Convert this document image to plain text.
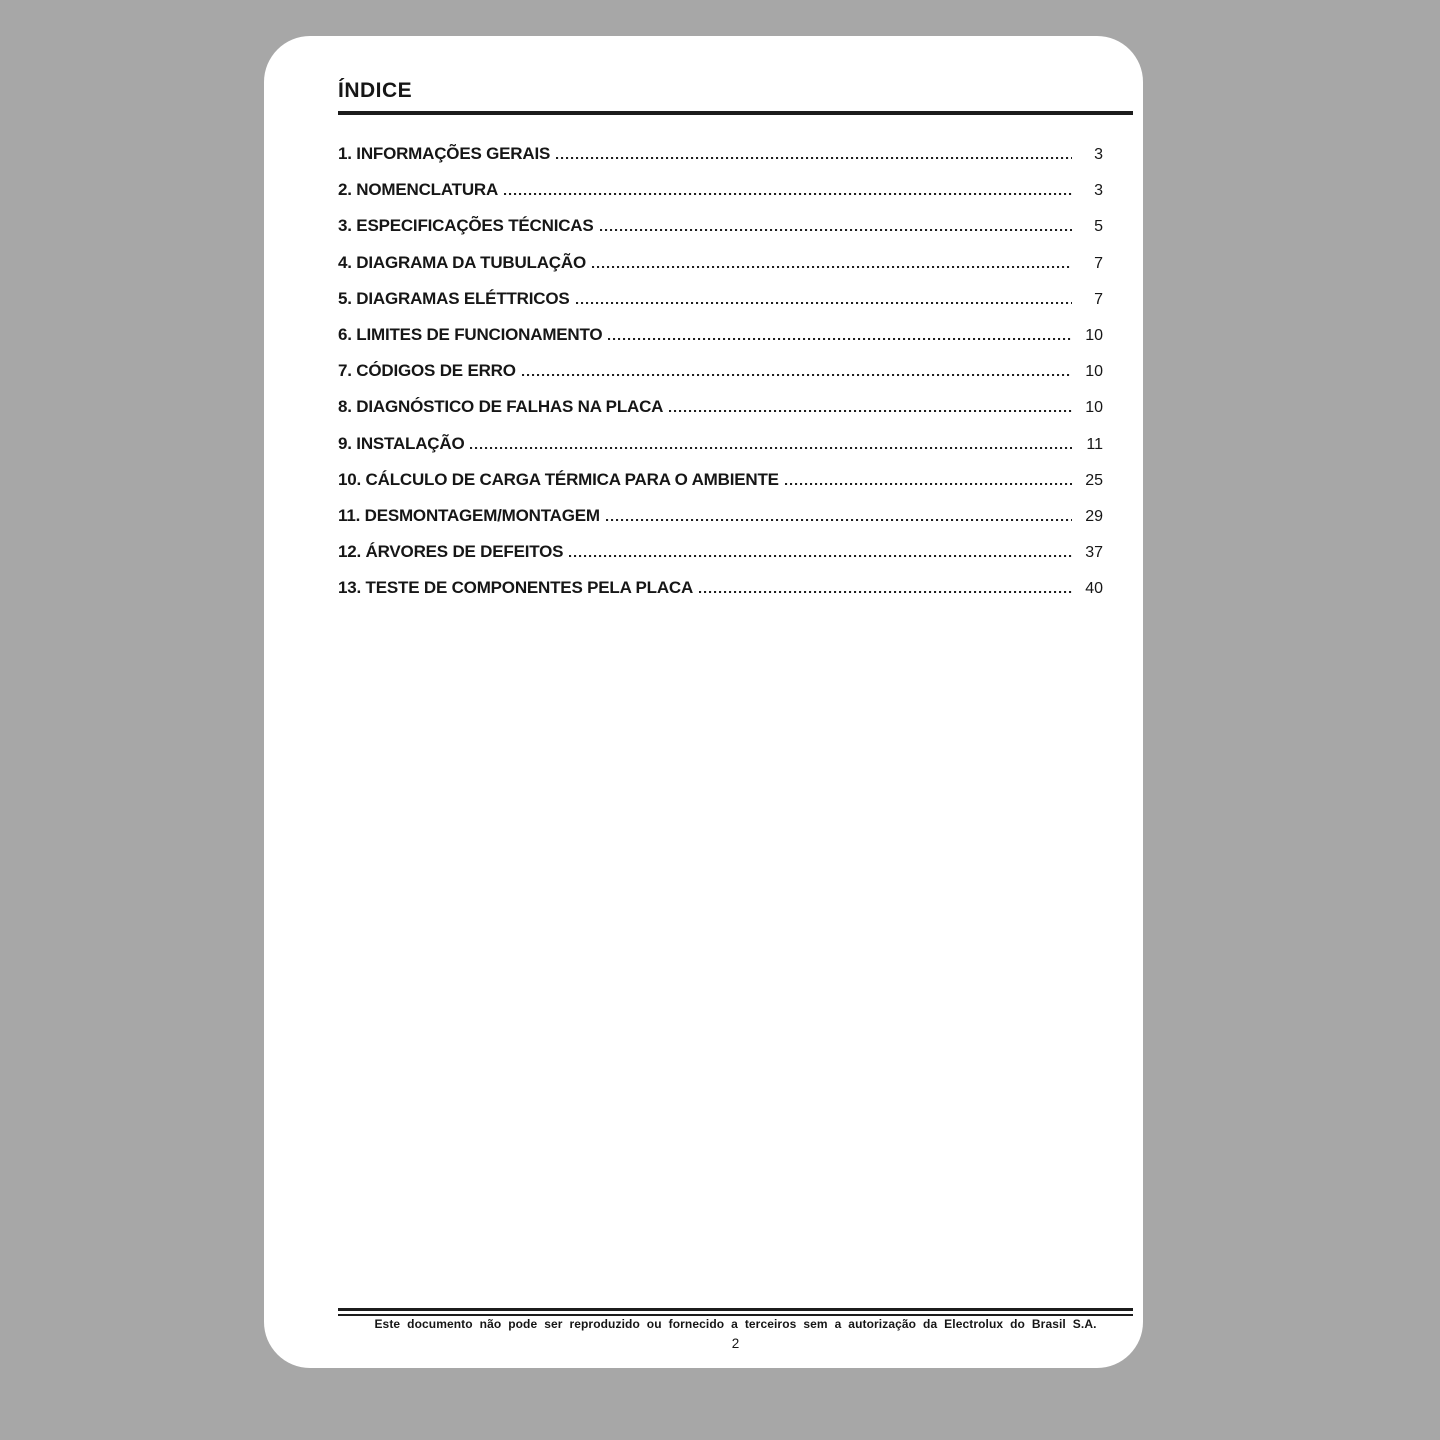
ÍNDICE
1. INFORMAÇÕES GERAIS	3
2. NOMENCLATURA	3
3. ESPECIFICAÇÕES TÉCNICAS	5
4. DIAGRAMA DA TUBULAÇÃO	7
5. DIAGRAMAS ELÉTTRICOS	7
6. LIMITES DE FUNCIONAMENTO	10
7. CÓDIGOS DE ERRO	10
8. DIAGNÓSTICO DE FALHAS NA PLACA	10
9. INSTALAÇÃO	11
10. CÁLCULO DE CARGA TÉRMICA PARA O AMBIENTE	25
11. DESMONTAGEM/MONTAGEM	29
12. ÁRVORES DE DEFEITOS	37
13. TESTE DE COMPONENTES PELA PLACA	40
Este documento não pode ser reproduzido ou fornecido a terceiros sem a autorização da Electrolux do Brasil S.A.
2
